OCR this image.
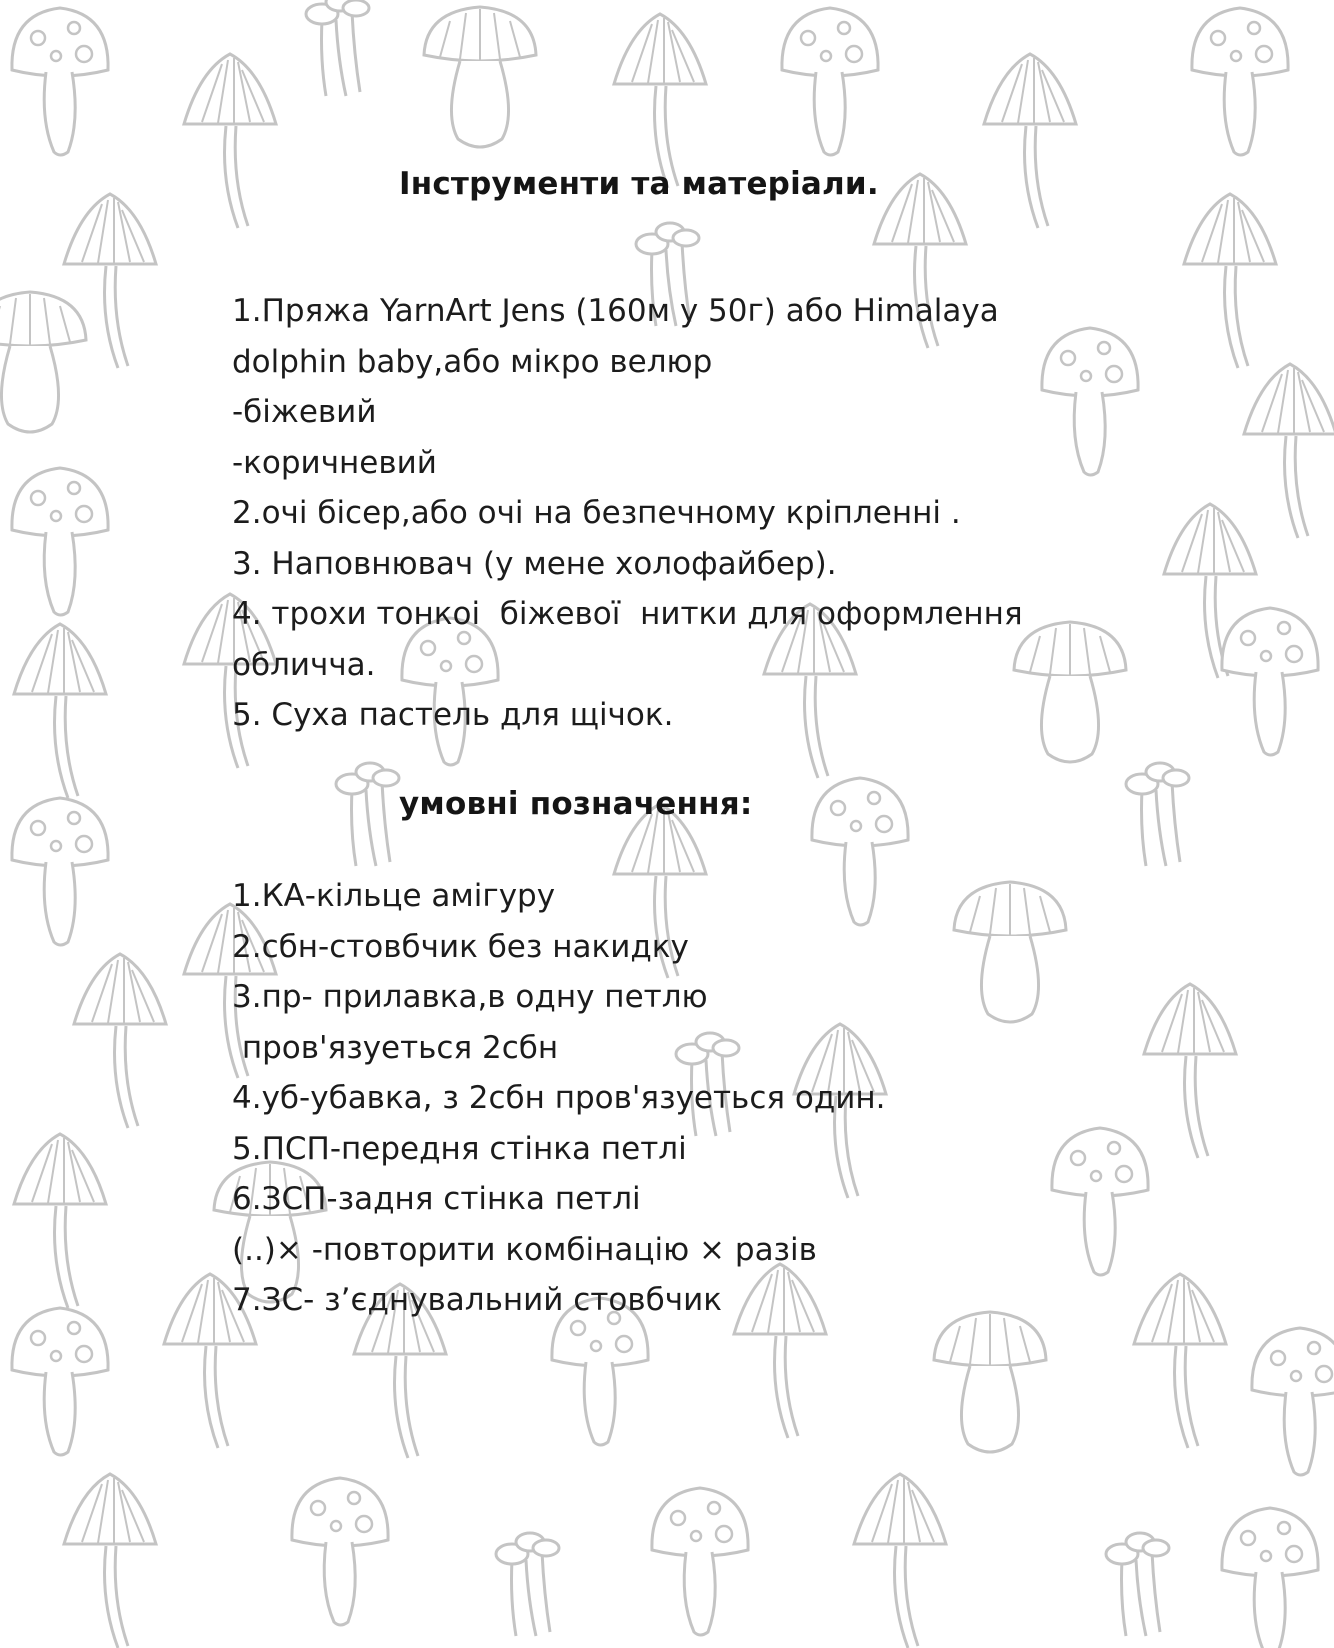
Інструменти та матеріали.
1.Пряжа YarnArt Jens (160м у 50г) або Himalaya
dolphin baby,або мікро велюр
-біжевий
-коричневий
2.очі бісер,або очі на безпечному кріпленні .
3. Наповнювач (у мене холофайбер).
4. трохи тонкоі  біжевої  нитки для оформлення
обличча.
5. Суха пастель для щічок.
умовні позначення:
1.КА-кільце амігуру
2.сбн-стовбчик без накидку
3.пр- прилавка,в одну петлю
пров'язуеться 2сбн
4.уб-убавка, з 2сбн пров'язуеться один.
5.ПСП-передня стінка петлі
6.ЗСП-задня стінка петлі
(..)× -повторити комбінацію × разів
7.ЗС- з’єднувальний стовбчик
